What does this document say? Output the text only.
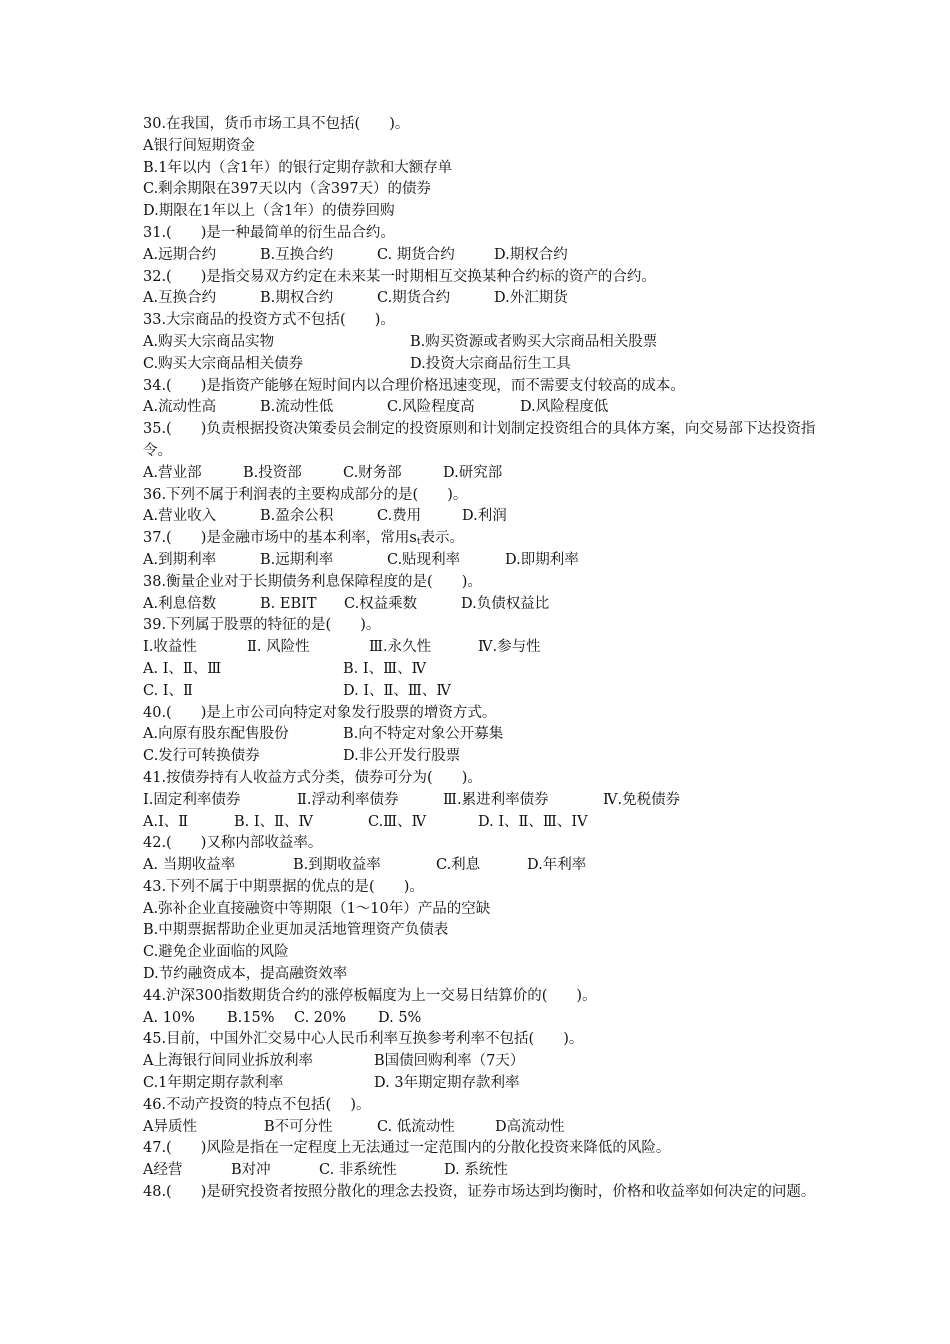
30.在我国，货币市场工具不包括(　　)。
A银行间短期资金
B.1年以内（含1年）的银行定期存款和大额存单
C.剩余期限在397天以内（含397天）的债券
D.期限在1年以上（含1年）的债券回购
31.(　　)是一种最简单的衍生品合约。
A.远期合约	B.互换合约	C. 期货合约	D.期权合约
32.(　　)是指交易双方约定在未来某一时期相互交换某种合约标的资产的合约。
A.互换合约	B.期权合约	C.期货合约	D.外汇期货
33.大宗商品的投资方式不包括(　　)。
A.购买大宗商品实物	B.购买资源或者购买大宗商品相关股票
C.购买大宗商品相关债券	D.投资大宗商品衍生工具
34.(　　)是指资产能够在短时间内以合理价格迅速变现，而不需要支付较高的成本。
A.流动性高	B.流动性低	C.风险程度高	D.风险程度低
35.(　　)负责根据投资决策委员会制定的投资原则和计划制定投资组合的具体方案，向交易部下达投资指令。
A.营业部	B.投资部	C.财务部	D.研究部
36.下列不属于利润表的主要构成部分的是(　　)。
A.营业收入	B.盈余公积	C.费用	D.利润
37.(　　)是金融市场中的基本利率，常用$s_t$表示。
A.到期利率	B.远期利率	C.贴现利率	D.即期利率
38.衡量企业对于长期债务利息保障程度的是(　　)。
A.利息倍数	B. EBIT	C.权益乘数	D.负债权益比
39.下列属于股票的特征的是(　　)。
I.收益性	Ⅱ. 风险性	Ⅲ.永久性	Ⅳ.参与性
A. Ⅰ、Ⅱ、Ⅲ	B. Ⅰ、Ⅲ、Ⅳ
C. Ⅰ、Ⅱ	D. Ⅰ、Ⅱ、Ⅲ、Ⅳ
40.(　　)是上市公司向特定对象发行股票的增资方式。
A.向原有股东配售股份	B.向不特定对象公开募集
C.发行可转换债券	D.非公开发行股票
41.按债券持有人收益方式分类，债券可分为(　　)。
I.固定利率债券	Ⅱ.浮动利率债券	Ⅲ.累进利率债券	Ⅳ.免税债券
A.I、Ⅱ	B. I、Ⅱ、Ⅳ	C.Ⅲ、Ⅳ	D. I、Ⅱ、Ⅲ、IV
42.(　　)又称内部收益率。
A. 当期收益率	B.到期收益率	C.利息	D.年利率
43.下列不属于中期票据的优点的是(　　)。
A.弥补企业直接融资中等期限（1～10年）产品的空缺
B.中期票据帮助企业更加灵活地管理资产负债表
C.避免企业面临的风险
D.节约融资成本，提高融资效率
44.沪深300指数期货合约的涨停板幅度为上一交易日结算价的(　　)。
A. 10%	B.15%	C. 20%	D. 5%
45.目前，中国外汇交易中心人民币利率互换参考利率不包括(　　)。
A上海银行间同业拆放利率	B国债回购利率（7天）
C.1年期定期存款利率	D. 3年期定期存款利率
46.不动产投资的特点不包括(　 )。
A异质性	B不可分性	C. 低流动性	D高流动性
47.(　　)风险是指在一定程度上无法通过一定范围内的分散化投资来降低的风险。
A经营	B对冲	C. 非系统性	D. 系统性
48.(　　)是研究投资者按照分散化的理念去投资，证券市场达到均衡时，价格和收益率如何决定的问题。
